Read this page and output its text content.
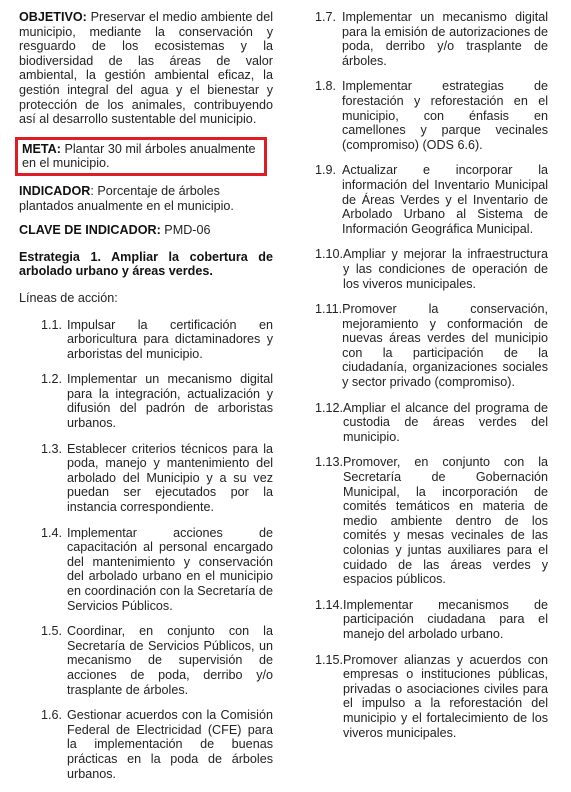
OBJETIVO: Preservar el medio ambiente del municipio, mediante la conservación y resguardo de los ecosistemas y la biodiversidad de las áreas de valor ambiental, la gestión ambiental eficaz, la gestión integral del agua y el bienestar y protección de los animales, contribuyendo así al desarrollo sustentable del municipio.

META: Plantar 30 mil árboles anualmente en el municipio.

INDICADOR: Porcentaje de árboles plantados anualmente en el municipio.

CLAVE DE INDICADOR: PMD-06

Estrategia 1. Ampliar la cobertura de arbolado urbano y áreas verdes.

Líneas de acción:

1.1. Impulsar la certificación en arboricultura para dictaminadores y arboristas del municipio.
1.2. Implementar un mecanismo digital para la integración, actualización y difusión del padrón de arboristas urbanos.
1.3. Establecer criterios técnicos para la poda, manejo y mantenimiento del arbolado del Municipio y a su vez puedan ser ejecutados por la instancia correspondiente.
1.4. Implementar acciones de capacitación al personal encargado del mantenimiento y conservación del arbolado urbano en el municipio en coordinación con la Secretaría de Servicios Públicos.
1.5. Coordinar, en conjunto con la Secretaría de Servicios Públicos, un mecanismo de supervisión de acciones de poda, derribo y/o trasplante de árboles.
1.6. Gestionar acuerdos con la Comisión Federal de Electricidad (CFE) para la implementación de buenas prácticas en la poda de árboles urbanos.
1.7. Implementar un mecanismo digital para la emisión de autorizaciones de poda, derribo y/o trasplante de árboles.
1.8. Implementar estrategias de forestación y reforestación en el municipio, con énfasis en camellones y parque vecinales (compromiso) (ODS 6.6).
1.9. Actualizar e incorporar la información del Inventario Municipal de Áreas Verdes y el Inventario de Arbolado Urbano al Sistema de Información Geográfica Municipal.
1.10. Ampliar y mejorar la infraestructura y las condiciones de operación de los viveros municipales.
1.11. Promover la conservación, mejoramiento y conformación de nuevas áreas verdes del municipio con la participación de la ciudadanía, organizaciones sociales y sector privado (compromiso).
1.12. Ampliar el alcance del programa de custodia de áreas verdes del municipio.
1.13. Promover, en conjunto con la Secretaría de Gobernación Municipal, la incorporación de comités temáticos en materia de medio ambiente dentro de los comités y mesas vecinales de las colonias y juntas auxiliares para el cuidado de las áreas verdes y espacios públicos.
1.14. Implementar mecanismos de participación ciudadana para el manejo del arbolado urbano.
1.15. Promover alianzas y acuerdos con empresas o instituciones públicas, privadas o asociaciones civiles para el impulso a la reforestación del municipio y el fortalecimiento de los viveros municipales.
